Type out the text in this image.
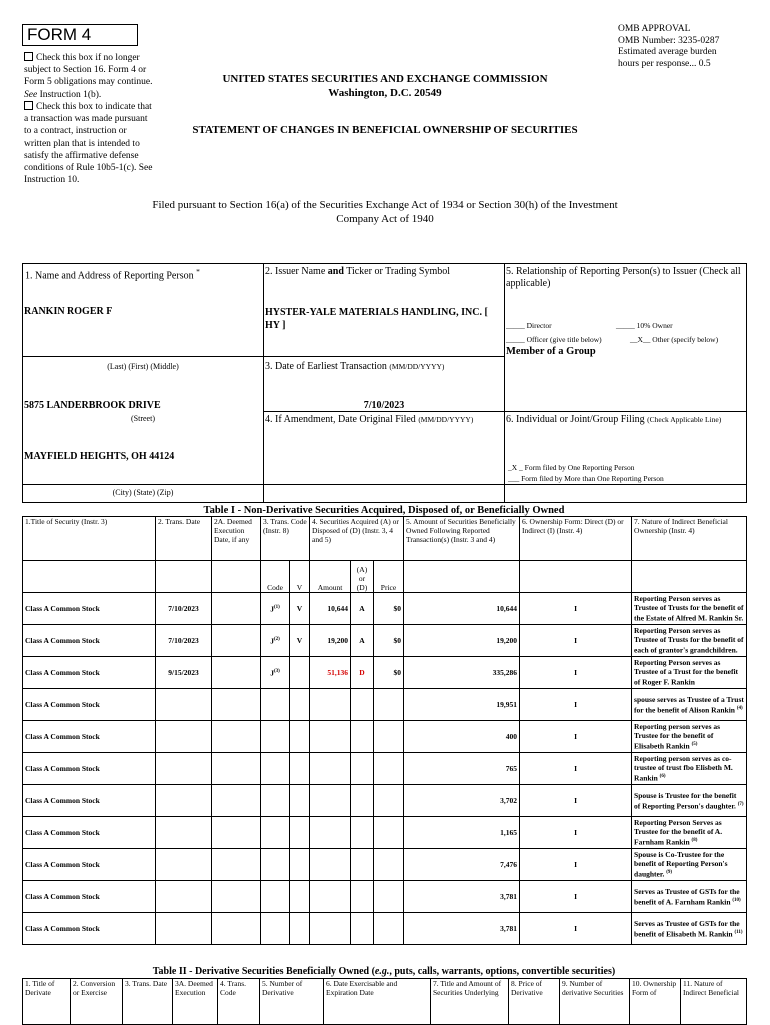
FORM 4
Check this box if no longer subject to Section 16. Form 4 or Form 5 obligations may continue. See Instruction 1(b).
Check this box to indicate that a transaction was made pursuant to a contract, instruction or written plan that is intended to satisfy the affirmative defense conditions of Rule 10b5-1(c). See Instruction 10.
OMB APPROVAL
OMB Number: 3235-0287
Estimated average burden
hours per response... 0.5
UNITED STATES SECURITIES AND EXCHANGE COMMISSION
Washington, D.C. 20549
STATEMENT OF CHANGES IN BENEFICIAL OWNERSHIP OF SECURITIES
Filed pursuant to Section 16(a) of the Securities Exchange Act of 1934 or Section 30(h) of the Investment Company Act of 1940
1. Name and Address of Reporting Person *
RANKIN ROGER F
(Last) (First) (Middle)
5875 LANDERBROOK DRIVE
(Street)
MAYFIELD HEIGHTS, OH 44124
(City) (State) (Zip)
2. Issuer Name and Ticker or Trading Symbol
HYSTER-YALE MATERIALS HANDLING, INC. [ HY ]
3. Date of Earliest Transaction (MM/DD/YYYY)
7/10/2023
4. If Amendment, Date Original Filed (MM/DD/YYYY)
5. Relationship of Reporting Person(s) to Issuer (Check all applicable)
_____ Director	_____ 10% Owner
_____ Officer (give title below)	__X__ Other (specify below)
Member of a Group
6. Individual or Joint/Group Filing (Check Applicable Line)
_X _ Form filed by One Reporting Person
___ Form filed by More than One Reporting Person
Table I - Non-Derivative Securities Acquired, Disposed of, or Beneficially Owned
1.Title of Security (Instr. 3)	2. Trans. Date	2A. Deemed Execution Date, if any	3. Trans. Code (Instr. 8)		4. Securities Acquired (A) or Disposed of (D) (Instr. 3, 4 and 5)			5. Amount of Securities Beneficially Owned Following Reported Transaction(s) (Instr. 3 and 4)	6. Ownership Form: Direct (D) or Indirect (I) (Instr. 4)	7. Nature of Indirect Beneficial Ownership (Instr. 4)
			Code	V	Amount	(A) or (D)	Price			
Class A Common Stock	7/10/2023		$J^{(1)}$	V	10,644	A	$0	10,644	I	Reporting Person serves as Trustee of Trusts for the benefit of the Estate of Alfred M. Rankin Sr.
Class A Common Stock	7/10/2023		$J^{(2)}$	V	19,200	A	$0	19,200	I	Reporting Person serves as Trustee of Trusts for the benefit of each of grantor's grandchildren.
Class A Common Stock	9/15/2023		$J^{(3)}$		51,136	D	$0	335,286	I	Reporting Person serves as Trustee of a Trust for the benefit of Roger F. Rankin
Class A Common Stock								19,951	I	spouse serves as Trustee of a Trust for the benefit of Alison Rankin $^{(4)}$
Class A Common Stock								400	I	Reporting person serves as Trustee for the benefit of Elisabeth Rankin $^{(5)}$
Class A Common Stock								765	I	Reporting person serves as co-trustee of trust fbo Elisbeth M. Rankin $^{(6)}$
Class A Common Stock								3,702	I	Spouse is Trustee for the benefit of Reporting Person's daughter. $^{(7)}$
Class A Common Stock								1,165	I	Reporting Person Serves as Trustee for the benefit of A. Farnham Rankin $^{(8)}$
Class A Common Stock								7,476	I	Spouse is Co-Trustee for the benefit of Reporting Person's daughter. $^{(9)}$
Class A Common Stock								3,781	I	Serves as Trustee of GSTs for the benefit of A. Farnham Rankin $^{(10)}$
Class A Common Stock								3,781	I	Serves as Trustee of GSTs for the benefit of Elisabeth M. Rankin $^{(11)}$
Table II - Derivative Securities Beneficially Owned (e.g., puts, calls, warrants, options, convertible securities)
1. Title of Derivate	2. Conversion or Exercise	3. Trans. Date	3A. Deemed Execution	4. Trans. Code	5. Number of Derivative	6. Date Exercisable and Expiration Date	7. Title and Amount of Securities Underlying	8. Price of Derivative	9. Number of derivative Securities	10. Ownership Form of	11. Nature of Indirect Beneficial
